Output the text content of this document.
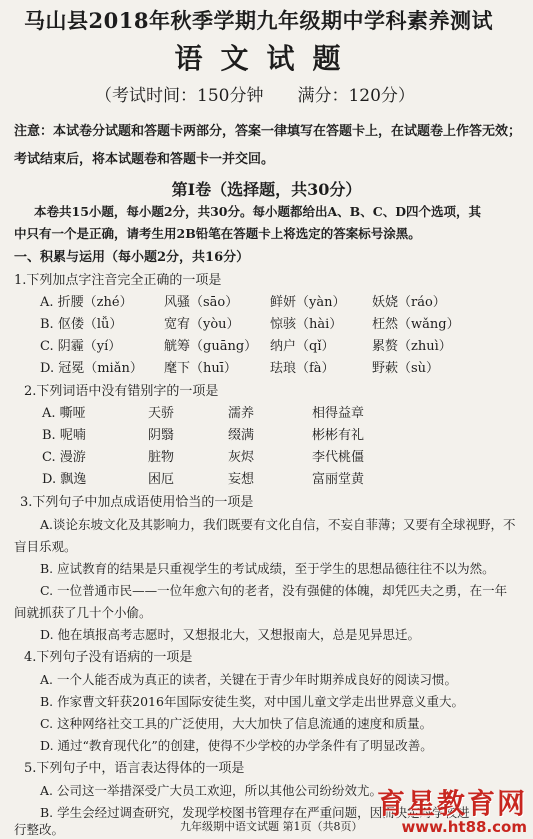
马山县2018年秋季学期九年级期中学科素养测试
语文试题
（考试时间：150分钟 满分：120分）
注意：本试卷分试题和答题卡两部分，答案一律填写在答题卡上，在试题卷上作答无效；
考试结束后，将本试题卷和答题卡一并交回。
第Ⅰ卷（选择题，共30分）
本卷共15小题，每小题2分，共30分。每小题都给出A、B、C、D四个选项，其
中只有一个是正确，请考生用2B铅笔在答题卡上将选定的答案标号涂黑。
一、积累与运用（每小题2分，共16分）
1.下列加点字注音完全正确的一项是
A. 折腰（zhé） 风骚（sāo） 鲜妍（yàn） 妖娆（ráo）
B. 伛偻（lǚ）	宽宥（yòu） 惊骇（hài） 枉然（wǎng）
C. 阴霾（yí）	觥筹（guāng） 纳户（qǐ）	累赘（zhuì）
D. 冠冕（miǎn） 麾下（huī）	珐琅（fà）	野蔌（sù）
2.下列词语中没有错别字的一项是
A. 嘶哑	天骄	濡养	相得益章
B. 呢喃	阴翳	缀满	彬彬有礼
C. 漫游	脏物	灰烬	李代桃僵
D. 飘逸	困厄	妄想	富丽堂黄
3.下列句子中加点成语使用恰当的一项是
A.谈论东坡文化及其影响力，我们既要有文化自信，不妄自菲薄；又要有全球视野，不
盲目乐观。
B. 应试教育的结果是只重视学生的考试成绩，至于学生的思想品德往往不以为然。
C. 一位普通市民——一位年愈六旬的老者，没有强健的体魄，却凭匹夫之勇，在一年
间就抓获了几十个小偷。
D. 他在填报高考志愿时，又想报北大，又想报南大，总是见异思迁。
4.下列句子没有语病的一项是
A. 一个人能否成为真正的读者，关键在于青少年时期养成良好的阅读习惯。
B. 作家曹文轩获2016年国际安徒生奖，对中国儿童文学走出世界意义重大。
C. 这种网络社交工具的广泛使用，大大加快了信息流通的速度和质量。
D. 通过“教育现代化”的创建，使得不少学校的办学条件有了明显改善。
5.下列句子中，语言表达得体的一项是
A. 公司这一举措深受广大员工欢迎，所以其他公司纷纷效尤。
B. 学生会经过调查研究，发现学校图书管理存在严重问题，因而决定对学校进
行整改。	九年级期中语文试题 第1页（共8页）
育星教育网
www.ht88.com
